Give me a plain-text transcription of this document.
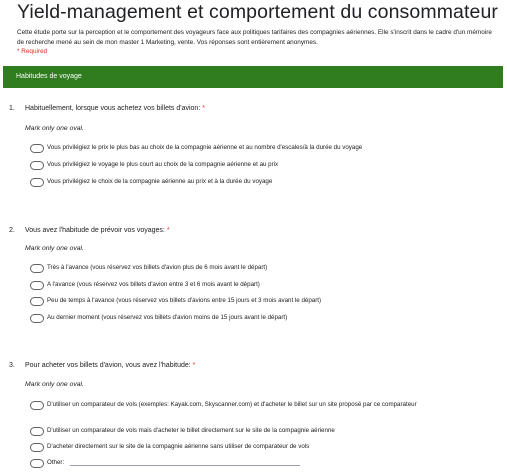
Yield-management et comportement du consommateur

Cette étude porte sur la perception et le comportement des voyageurs face aux politiques tarifaires des compagnies aériennes. Elle s'inscrit dans le cadre d'un mémoire de recherche mené au sein de mon master 1 Marketing, vente. Vos réponses sont entièrement anonymes.

* Required

Habitudes de voyage
1. Habituellement, lorsque vous achetez vos billets d'avion: *
Mark only one oval.
Vous privilégiez le prix le plus bas au choix de la compagnie aérienne et au nombre d'escales/à la durée du voyage
Vous privilégiez le voyage le plus court au choix de la compagnie aérienne et au prix
Vous privilégiez le choix de la compagnie aérienne au prix et à la durée du voyage
2. Vous avez l'habitude de prévoir vos voyages: *
Mark only one oval.
Très à l'avance (vous réservez vos billets d'avion plus de 6 mois avant le départ)
A l'avance (vous réservez vos billets d'avion entre 3 et 6 mois avant le départ)
Peu de temps à l'avance (vous réservez vos billets d'avions entre 15 jours et 3 mois avant le départ)
Au dernier moment (vous réservez vos billets d'avion moins de 15 jours avant le départ)
3. Pour acheter vos billets d'avion, vous avez l'habitude: *
Mark only one oval.
D'utiliser un comparateur de vols (exemples: Kayak.com, Skyscanner.com) et d'acheter le billet sur un site proposé par ce comparateur
D'utiliser un comparateur de vols mais d'acheter le billet directement sur le site de la compagnie aérienne
D'acheter directement sur le site de la compagnie aérienne sans utiliser de comparateur de vols
Other:
